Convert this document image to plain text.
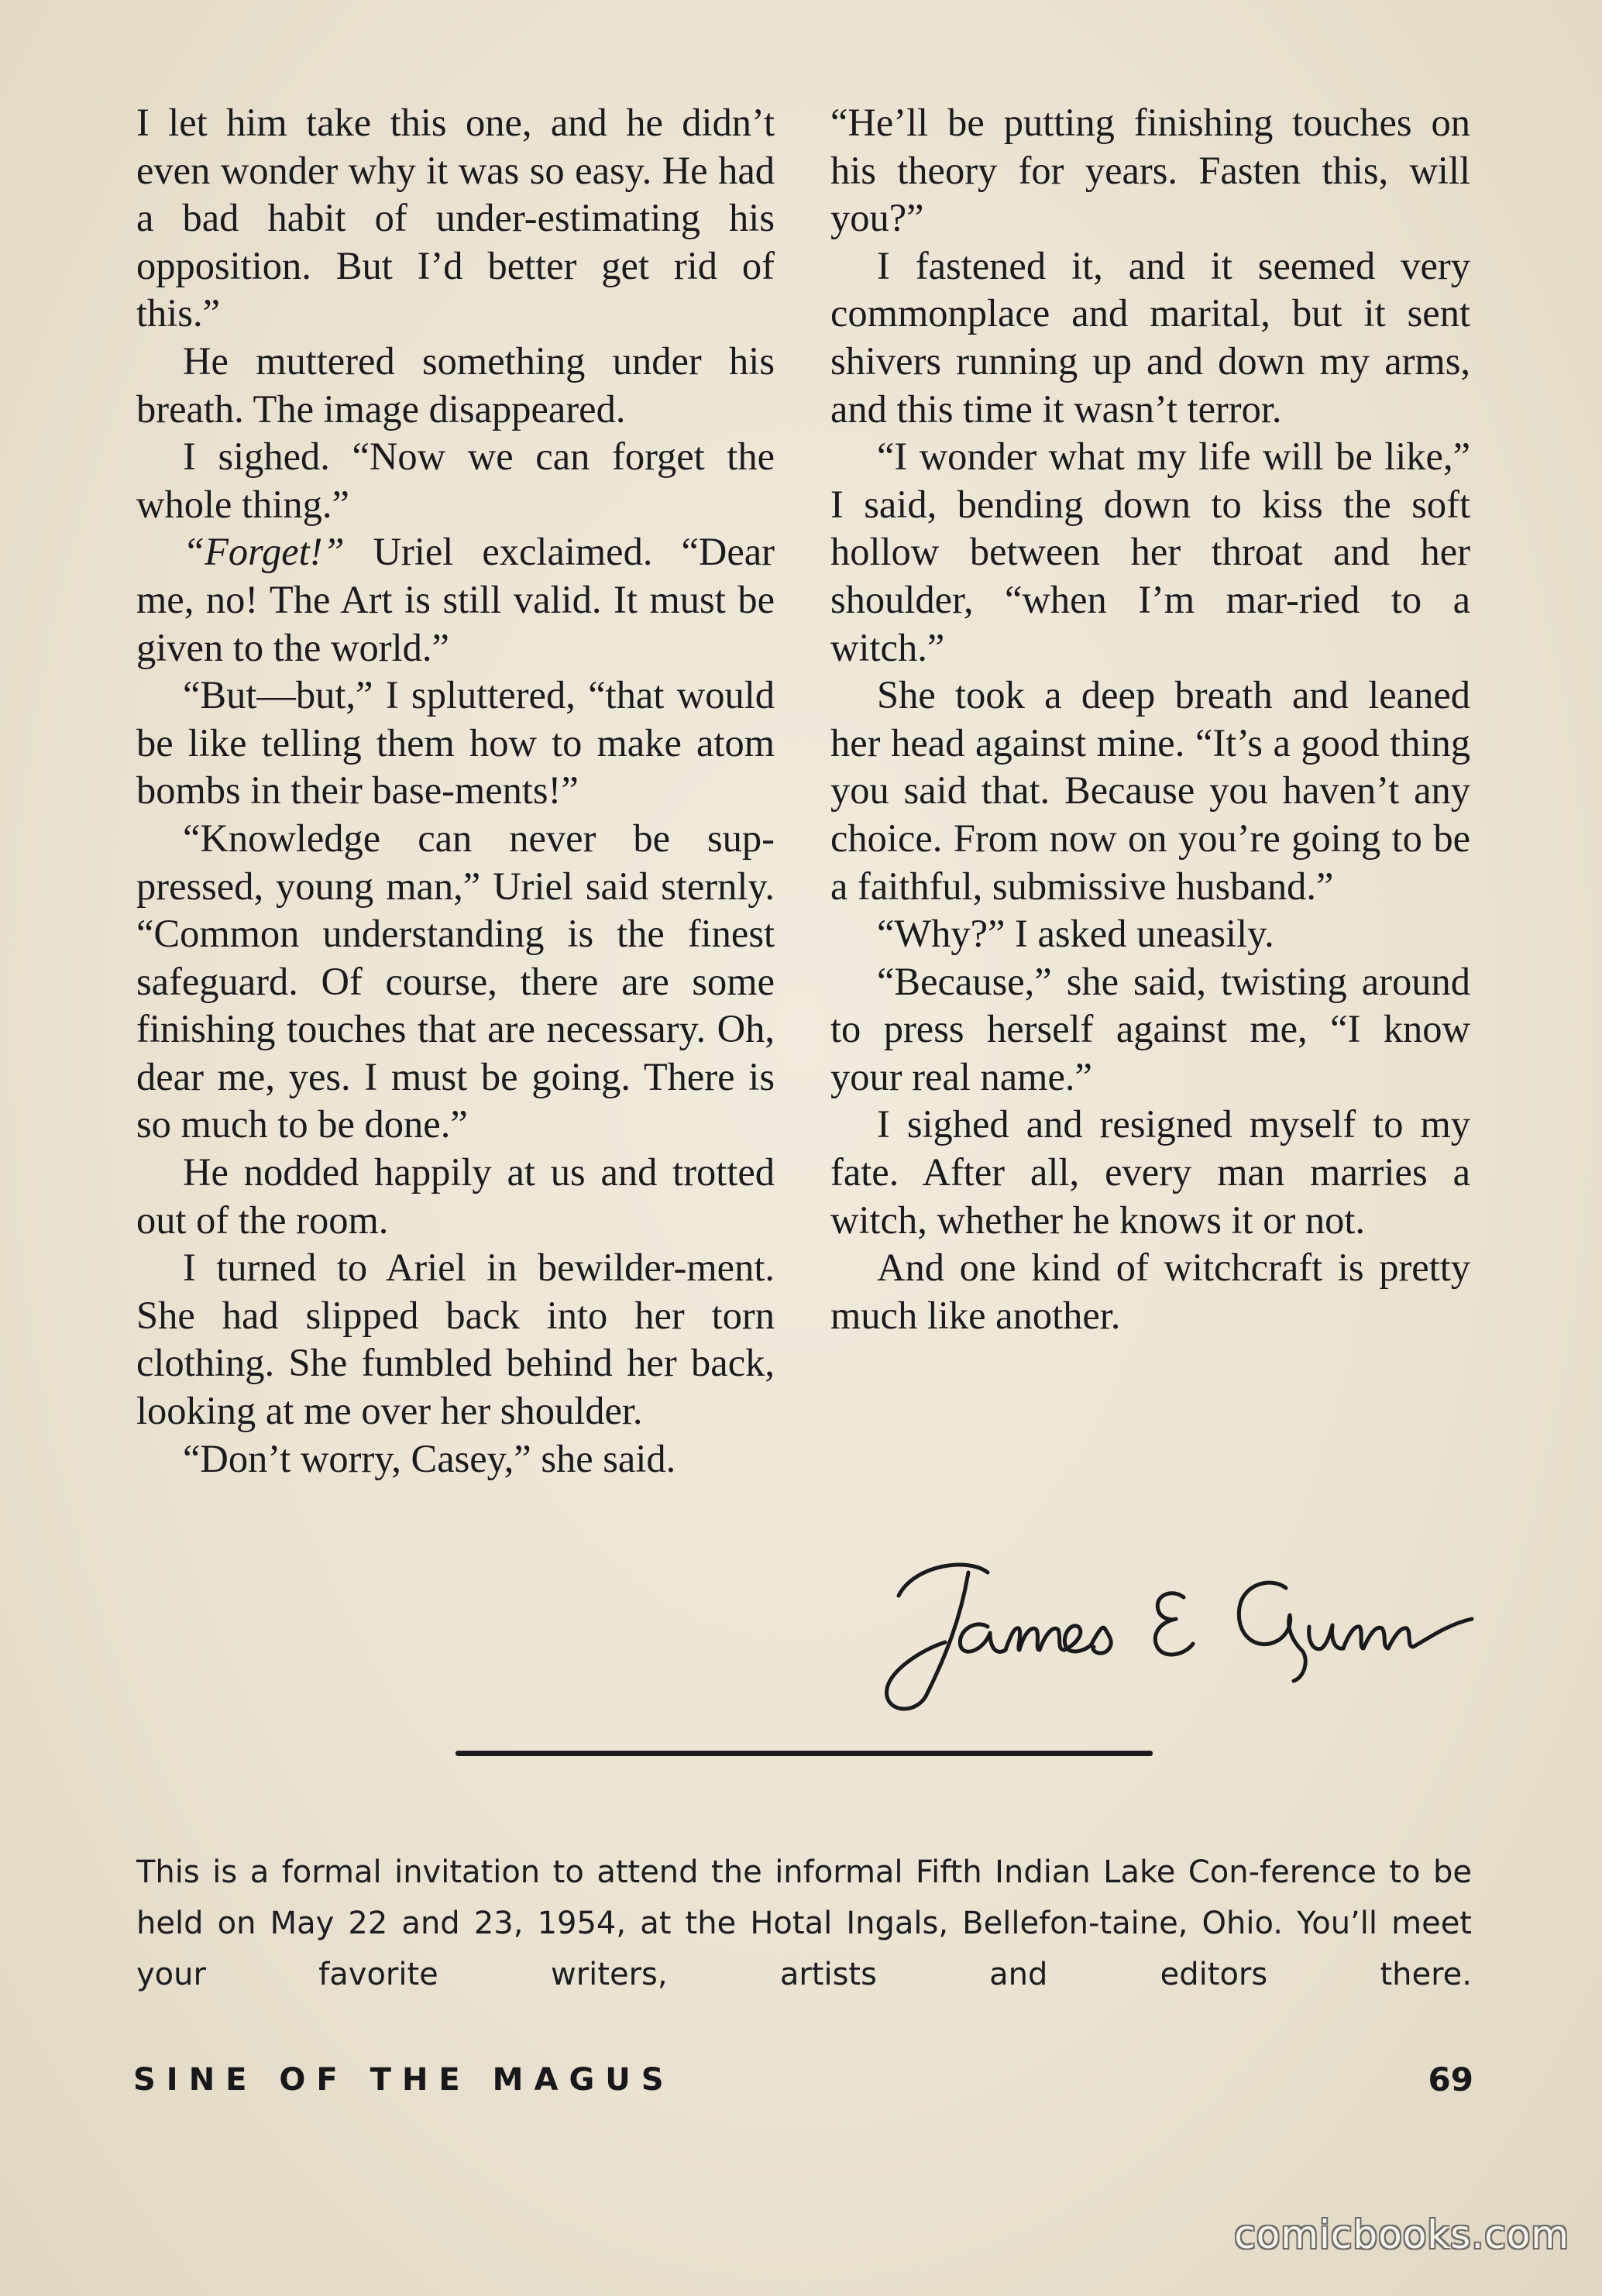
I let him take this one, and he didn’t even wonder why it was so easy. He had a bad habit of under-estimating his opposition. But I’d better get rid of this.”

He muttered something under his breath. The image disappeared.

I sighed. “Now we can forget the whole thing.”

“Forget!” Uriel exclaimed. “Dear me, no! The Art is still valid. It must be given to the world.”

“But—but,” I spluttered, “that would be like telling them how to make atom bombs in their base-ments!”

“Knowledge can never be sup-pressed, young man,” Uriel said sternly. “Common understanding is the finest safeguard. Of course, there are some finishing touches that are necessary. Oh, dear me, yes. I must be going. There is so much to be done.”

He nodded happily at us and trotted out of the room.

I turned to Ariel in bewilder-ment. She had slipped back into her torn clothing. She fumbled behind her back, looking at me over her shoulder.

“Don’t worry, Casey,” she said.

“He’ll be putting finishing touches on his theory for years. Fasten this, will you?”

I fastened it, and it seemed very commonplace and marital, but it sent shivers running up and down my arms, and this time it wasn’t terror.

“I wonder what my life will be like,” I said, bending down to kiss the soft hollow between her throat and her shoulder, “when I’m mar-ried to a witch.”

She took a deep breath and leaned her head against mine. “It’s a good thing you said that. Because you haven’t any choice. From now on you’re going to be a faithful, submissive husband.”

“Why?” I asked uneasily.

“Because,” she said, twisting around to press herself against me, “I know your real name.”

I sighed and resigned myself to my fate. After all, every man marries a witch, whether he knows it or not.

And one kind of witchcraft is pretty much like another.

This is a formal invitation to attend the informal Fifth Indian Lake Con-ference to be held on May 22 and 23, 1954, at the Hotal Ingals, Bellefon-taine, Ohio. You’ll meet your favorite writers, artists and editors there.
SINE OF THE MAGUS	69
comicbooks.com
